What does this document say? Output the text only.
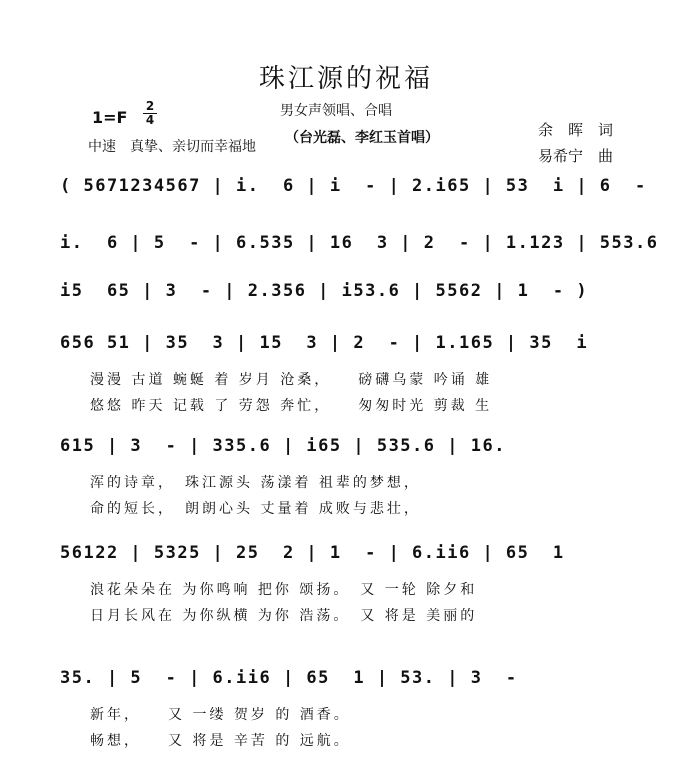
珠江源的祝福
男女声领唱、合唱
（台光磊、李红玉首唱）
$1=F \frac{2}{4}$
中速　真挚、亲切而幸福地
余　晖　词
易希宁　曲
( 5671234567 | i.  6 | i  - | 2.i65 | 53  i | 6  -
i.  6 | 5  - | 6.535 | 16  3 | 2  - | 1.123 | 553.6
i5  65 | 3  - | 2.356 | i53.6 | 5562 | 1  - )
656 51 | 35  3 | 15  3 | 2  - | 1.165 | 35  i
漫漫 古道 蜿蜒 着 岁月 沧桑，　　磅礴乌蒙 吟诵 雄
悠悠 昨天 记载 了 劳怨 奔忙，　　匆匆时光 剪裁 生
615 | 3  - | 335.6 | i65 | 535.6 | 16.
浑的诗章，　珠江源头 荡漾着 祖辈的梦想，
命的短长，　朗朗心头 丈量着 成败与悲壮，
56122 | 5325 | 25  2 | 1  - | 6.ii6 | 65  1
浪花朵朵在 为你鸣响 把你 颂扬。　又 一轮 除夕和
日月长风在 为你纵横 为你 浩荡。　又 将是 美丽的
35. | 5  - | 6.ii6 | 65  1 | 53. | 3  -
新年，　　又 一缕 贺岁 的 酒香。
畅想，　　又 将是 辛苦 的 远航。
